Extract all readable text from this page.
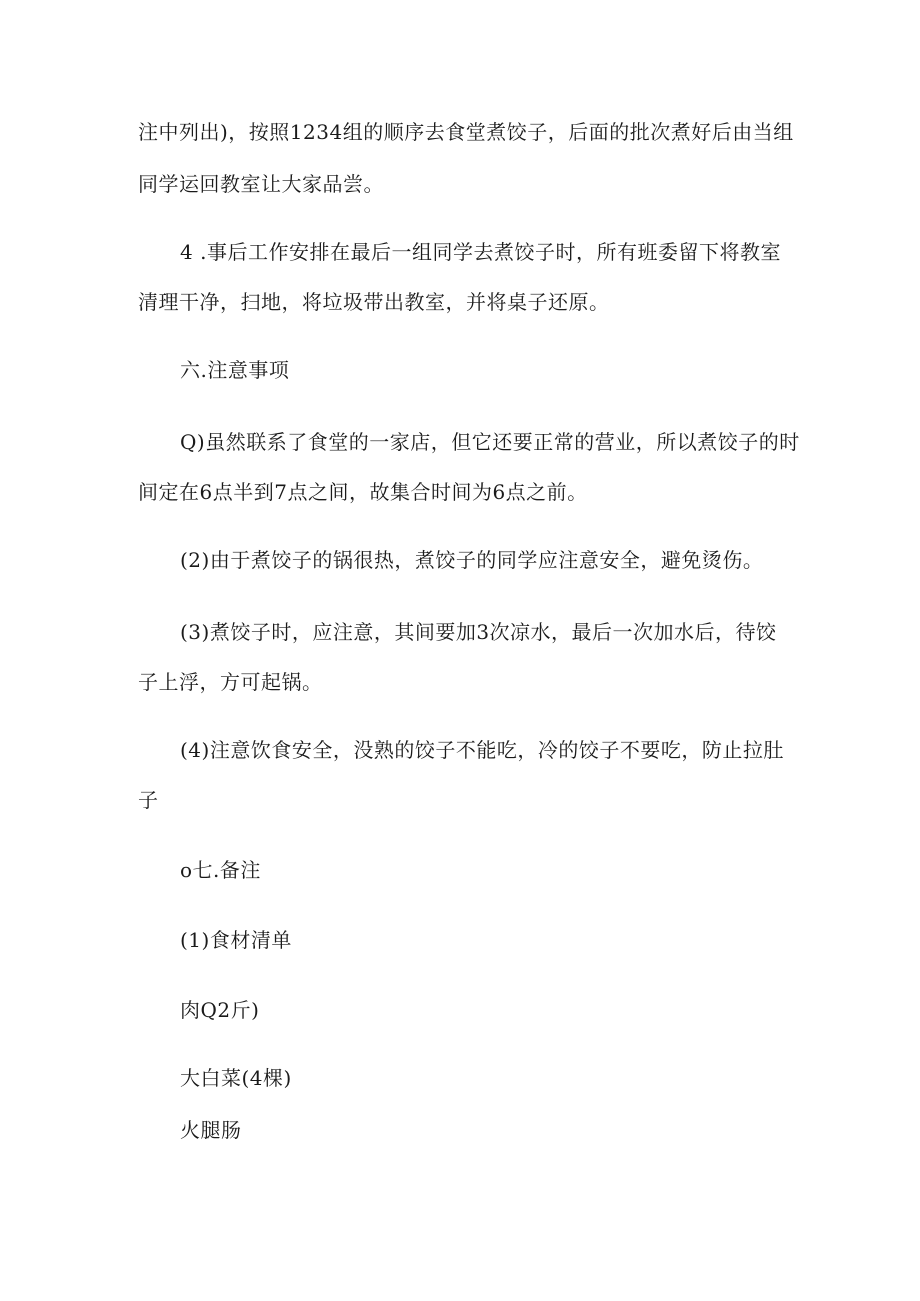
注中列出)，按照1234组的顺序去食堂煮饺子，后面的批次煮好后由当组
同学运回教室让大家品尝。
4 .事后工作安排在最后一组同学去煮饺子时，所有班委留下将教室
清理干净，扫地，将垃圾带出教室，并将桌子还原。
六.注意事项
Q)虽然联系了食堂的一家店，但它还要正常的营业，所以煮饺子的时
间定在6点半到7点之间，故集合时间为6点之前。
(2)由于煮饺子的锅很热，煮饺子的同学应注意安全，避免烫伤。
(3)煮饺子时，应注意，其间要加3次凉水，最后一次加水后，待饺
子上浮，方可起锅。
(4)注意饮食安全，没熟的饺子不能吃，冷的饺子不要吃，防止拉肚
子
o七.备注
(1)食材清单
肉Q2斤)
大白菜(4棵)
火腿肠
